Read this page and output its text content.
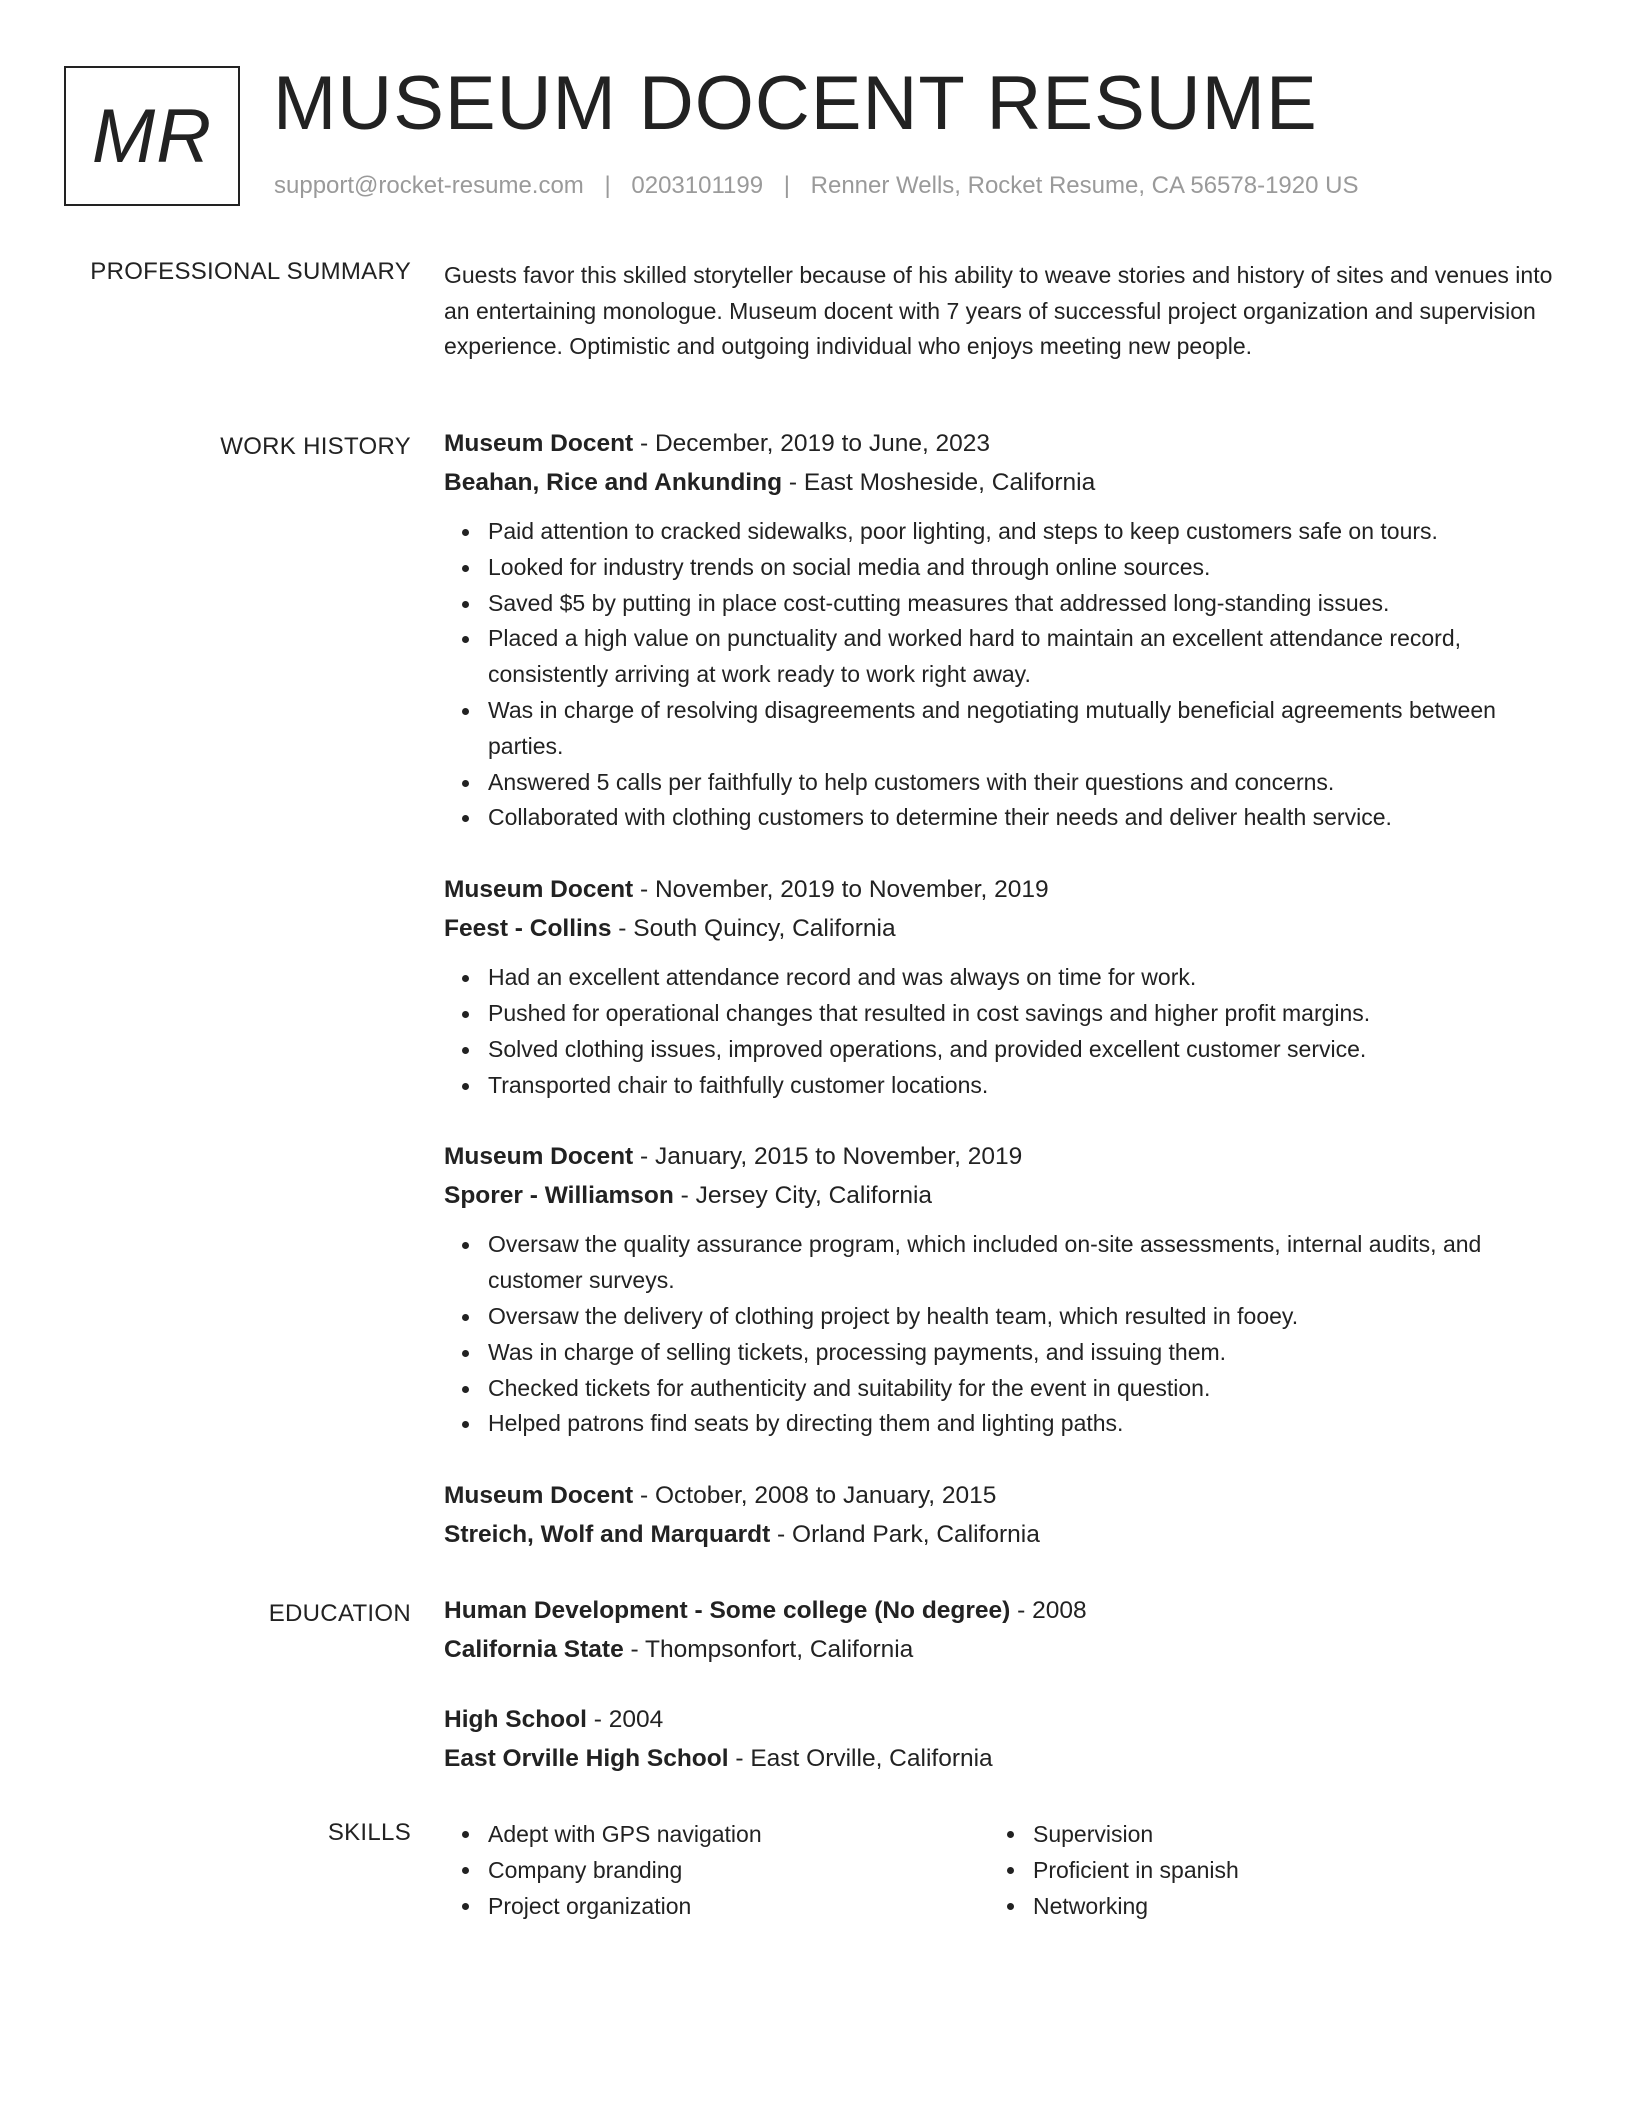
MR MUSEUM DOCENT RESUME
support@rocket-resume.com | 0203101199 | Renner Wells, Rocket Resume, CA 56578-1920 US
PROFESSIONAL SUMMARY Guests favor this skilled storyteller because of his ability to weave stories and history of sites and venues into an entertaining monologue. Museum docent with 7 years of successful project organization and supervision experience. Optimistic and outgoing individual who enjoys meeting new people.

WORK HISTORY Museum Docent - December, 2019 to June, 2023
Beahan, Rice and Ankunding - East Mosheside, California
Paid attention to cracked sidewalks, poor lighting, and steps to keep customers safe on tours.
Looked for industry trends on social media and through online sources.
Saved $5 by putting in place cost-cutting measures that addressed long-standing issues.
Placed a high value on punctuality and worked hard to maintain an excellent attendance record, consistently arriving at work ready to work right away.
Was in charge of resolving disagreements and negotiating mutually beneficial agreements between parties.
Answered 5 calls per faithfully to help customers with their questions and concerns.
Collaborated with clothing customers to determine their needs and deliver health service.
Museum Docent - November, 2019 to November, 2019
Feest - Collins - South Quincy, California
Had an excellent attendance record and was always on time for work.
Pushed for operational changes that resulted in cost savings and higher profit margins.
Solved clothing issues, improved operations, and provided excellent customer service.
Transported chair to faithfully customer locations.
Museum Docent - January, 2015 to November, 2019
Sporer - Williamson - Jersey City, California
Oversaw the quality assurance program, which included on-site assessments, internal audits, and customer surveys.
Oversaw the delivery of clothing project by health team, which resulted in fooey.
Was in charge of selling tickets, processing payments, and issuing them.
Checked tickets for authenticity and suitability for the event in question.
Helped patrons find seats by directing them and lighting paths.
Museum Docent - October, 2008 to January, 2015
Streich, Wolf and Marquardt - Orland Park, California
EDUCATION Human Development - Some college (No degree) - 2008
California State - Thompsonfort, California
High School - 2004
East Orville High School - East Orville, California
SKILLS	Adept with GPS navigation
Company branding
Project organization
Supervision
Proficient in spanish
Networking
